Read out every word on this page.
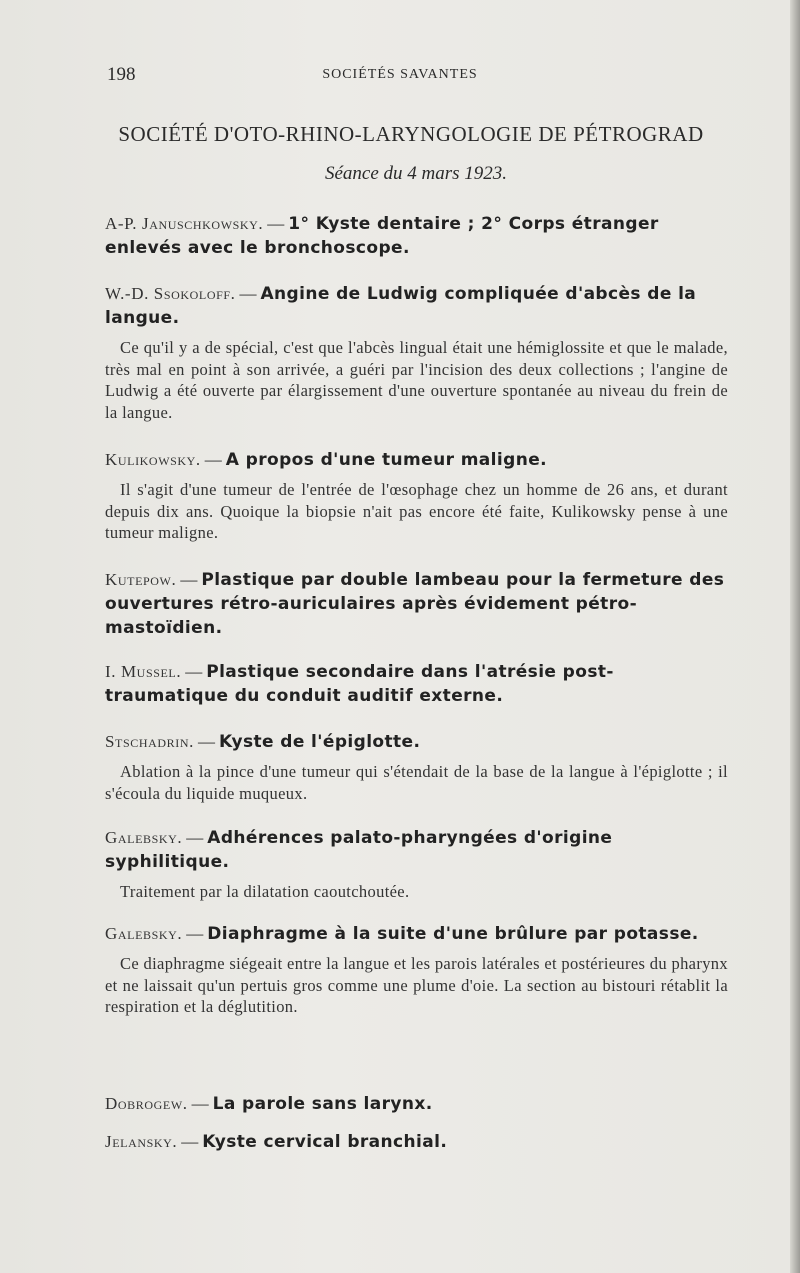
198	SOCIÉTÉS SAVANTES
SOCIÉTÉ D'OTO-RHINO-LARYNGOLOGIE DE PÉTROGRAD
Séance du 4 mars 1923.

A-P. Januschkowsky. — 1° Kyste dentaire ; 2° Corps étranger enlevés avec le bronchoscope.

W.-D. Ssokoloff. — Angine de Ludwig compliquée d'abcès de la langue.

Ce qu'il y a de spécial, c'est que l'abcès lingual était une hémiglossite et que le malade, très mal en point à son arrivée, a guéri par l'incision des deux collections ; l'angine de Ludwig a été ouverte par élargissement d'une ouverture spontanée au niveau du frein de la langue.

Kulikowsky. — A propos d'une tumeur maligne.

Il s'agit d'une tumeur de l'entrée de l'œsophage chez un homme de 26 ans, et durant depuis dix ans. Quoique la biopsie n'ait pas encore été faite, Kulikowsky pense à une tumeur maligne.

Kutepow. — Plastique par double lambeau pour la fermeture des ouvertures rétro-auriculaires après évidement pétro-mastoïdien.

I. Mussel. — Plastique secondaire dans l'atrésie post-traumatique du conduit auditif externe.

Stschadrin. — Kyste de l'épiglotte.

Ablation à la pince d'une tumeur qui s'étendait de la base de la langue à l'épiglotte ; il s'écoula du liquide muqueux.

Galebsky. — Adhérences palato-pharyngées d'origine syphilitique.

Traitement par la dilatation caoutchoutée.

Galebsky. — Diaphragme à la suite d'une brûlure par potasse.

Ce diaphragme siégeait entre la langue et les parois latérales et postérieures du pharynx et ne laissait qu'un pertuis gros comme une plume d'oie. La section au bistouri rétablit la respiration et la déglutition.

Dobrogew. — La parole sans larynx.

Jelansky. — Kyste cervical branchial.
